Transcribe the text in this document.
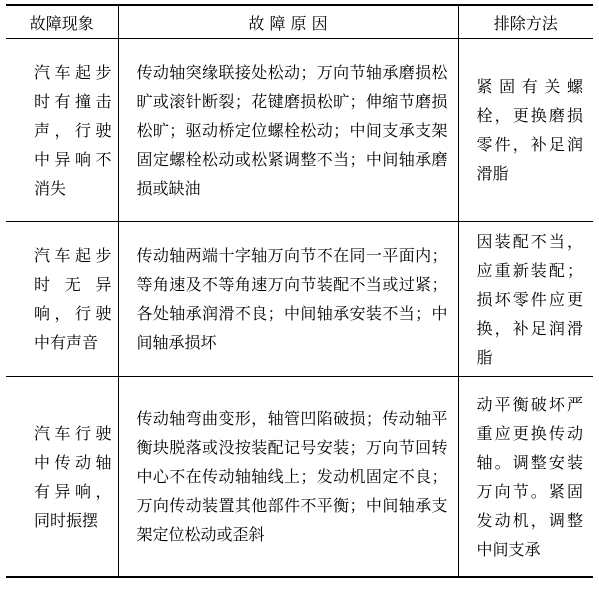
故障现象	故 障 原 因	排除方法
汽车起步时有撞击声，行驶中异响不消失	传动轴突缘联接处松动；万向节轴承磨损松旷或滚针断裂；花键磨损松旷；伸缩节磨损松旷；驱动桥定位螺栓松动；中间支承支架固定螺栓松动或松紧调整不当；中间轴承磨损或缺油	紧固有关螺栓，更换磨损零件，补足润滑脂
汽车起步时无异响，行驶中有声音	传动轴两端十字轴万向节不在同一平面内；等角速及不等角速万向节装配不当或过紧；各处轴承润滑不良；中间轴承安装不当；中间轴承损坏	因装配不当，应重新装配；损坏零件应更换，补足润滑脂
汽车行驶中传动轴有异响，同时振摆	传动轴弯曲变形，轴管凹陷破损；传动轴平衡块脱落或没按装配记号安装；万向节回转中心不在传动轴轴线上；发动机固定不良；万向传动装置其他部件不平衡；中间轴承支架定位松动或歪斜	动平衡破坏严重应更换传动轴。调整安装万向节。紧固发动机，调整中间支承
